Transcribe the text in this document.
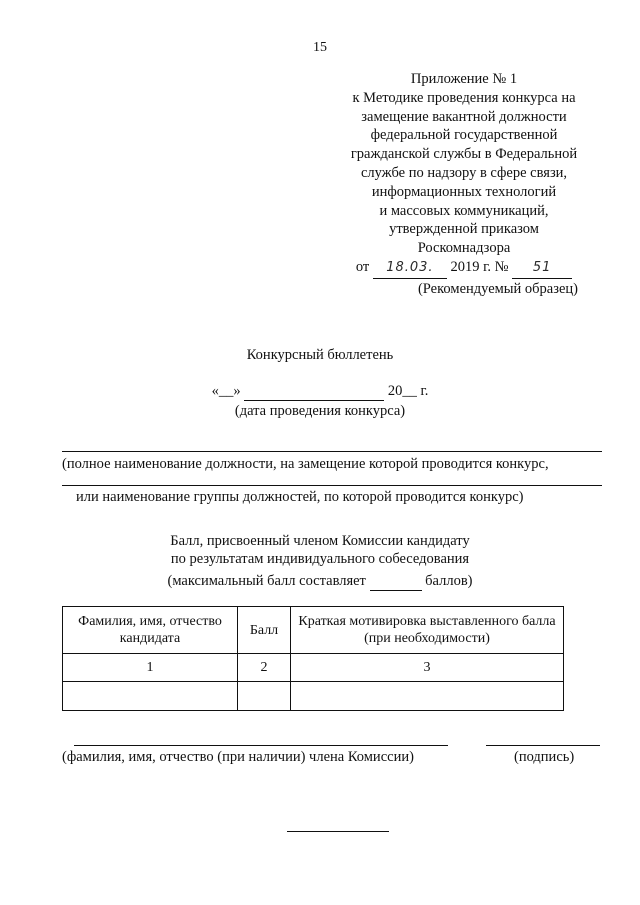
15
Приложение № 1
к Методике проведения конкурса на
замещение вакантной должности
федеральной государственной
гражданской службы в Федеральной
службе по надзору в сфере связи,
информационных технологий
и массовых коммуникаций,
утвержденной приказом
Роскомнадзора
от 18.03. 2019 г. № 51
(Рекомендуемый образец)
Конкурсный бюллетень
«__»	20__ г.
(дата проведения конкурса)
(полное наименование должности, на замещение которой проводится конкурс,
или наименование группы должностей, по которой проводится конкурс)
Балл, присвоенный членом Комиссии кандидату
по результатам индивидуального собеседования
(максимальный балл составляет	баллов)
Фамилия, имя, отчество кандидата	Балл	Краткая мотивировка выставленного балла (при необходимости)
1	2	3

(фамилия, имя, отчество (при наличии) члена Комиссии)	(подпись)
